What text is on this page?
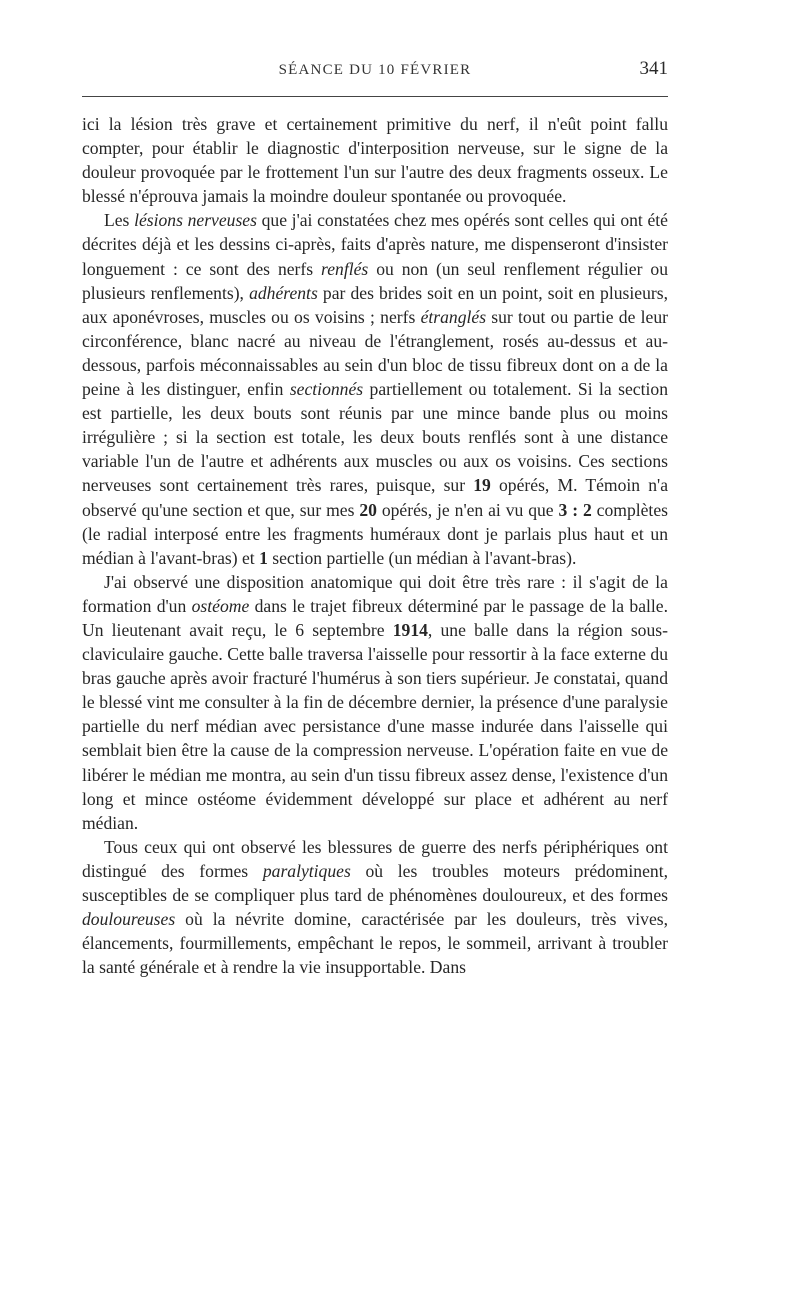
SÉANCE DU 10 FÉVRIER	341

ici la lésion très grave et certainement primitive du nerf, il n'eût point fallu compter, pour établir le diagnostic d'interposition nerveuse, sur le signe de la douleur provoquée par le frottement l'un sur l'autre des deux fragments osseux. Le blessé n'éprouva jamais la moindre douleur spontanée ou provoquée.

Les lésions nerveuses que j'ai constatées chez mes opérés sont celles qui ont été décrites déjà et les dessins ci-après, faits d'après nature, me dispenseront d'insister longuement : ce sont des nerfs renflés ou non (un seul renflement régulier ou plusieurs renflements), adhérents par des brides soit en un point, soit en plusieurs, aux aponévroses, muscles ou os voisins ; nerfs étranglés sur tout ou partie de leur circonférence, blanc nacré au niveau de l'étranglement, rosés au-dessus et au-dessous, parfois méconnaissables au sein d'un bloc de tissu fibreux dont on a de la peine à les distinguer, enfin sectionnés partiellement ou totalement. Si la section est partielle, les deux bouts sont réunis par une mince bande plus ou moins irrégulière ; si la section est totale, les deux bouts renflés sont à une distance variable l'un de l'autre et adhérents aux muscles ou aux os voisins. Ces sections nerveuses sont certainement très rares, puisque, sur 19 opérés, M. Témoin n'a observé qu'une section et que, sur mes 20 opérés, je n'en ai vu que 3 : 2 complètes (le radial interposé entre les fragments huméraux dont je parlais plus haut et un médian à l'avant-bras) et 1 section partielle (un médian à l'avant-bras).

J'ai observé une disposition anatomique qui doit être très rare : il s'agit de la formation d'un ostéome dans le trajet fibreux déterminé par le passage de la balle. Un lieutenant avait reçu, le 6 septembre 1914, une balle dans la région sous-claviculaire gauche. Cette balle traversa l'aisselle pour ressortir à la face externe du bras gauche après avoir fracturé l'humérus à son tiers supérieur. Je constatai, quand le blessé vint me consulter à la fin de décembre dernier, la présence d'une paralysie partielle du nerf médian avec persistance d'une masse indurée dans l'aisselle qui semblait bien être la cause de la compression nerveuse. L'opération faite en vue de libérer le médian me montra, au sein d'un tissu fibreux assez dense, l'existence d'un long et mince ostéome évidemment développé sur place et adhérent au nerf médian.

Tous ceux qui ont observé les blessures de guerre des nerfs périphériques ont distingué des formes paralytiques où les troubles moteurs prédominent, susceptibles de se compliquer plus tard de phénomènes douloureux, et des formes douloureuses où la névrite domine, caractérisée par les douleurs, très vives, élancements, fourmillements, empêchant le repos, le sommeil, arrivant à troubler la santé générale et à rendre la vie insupportable. Dans
